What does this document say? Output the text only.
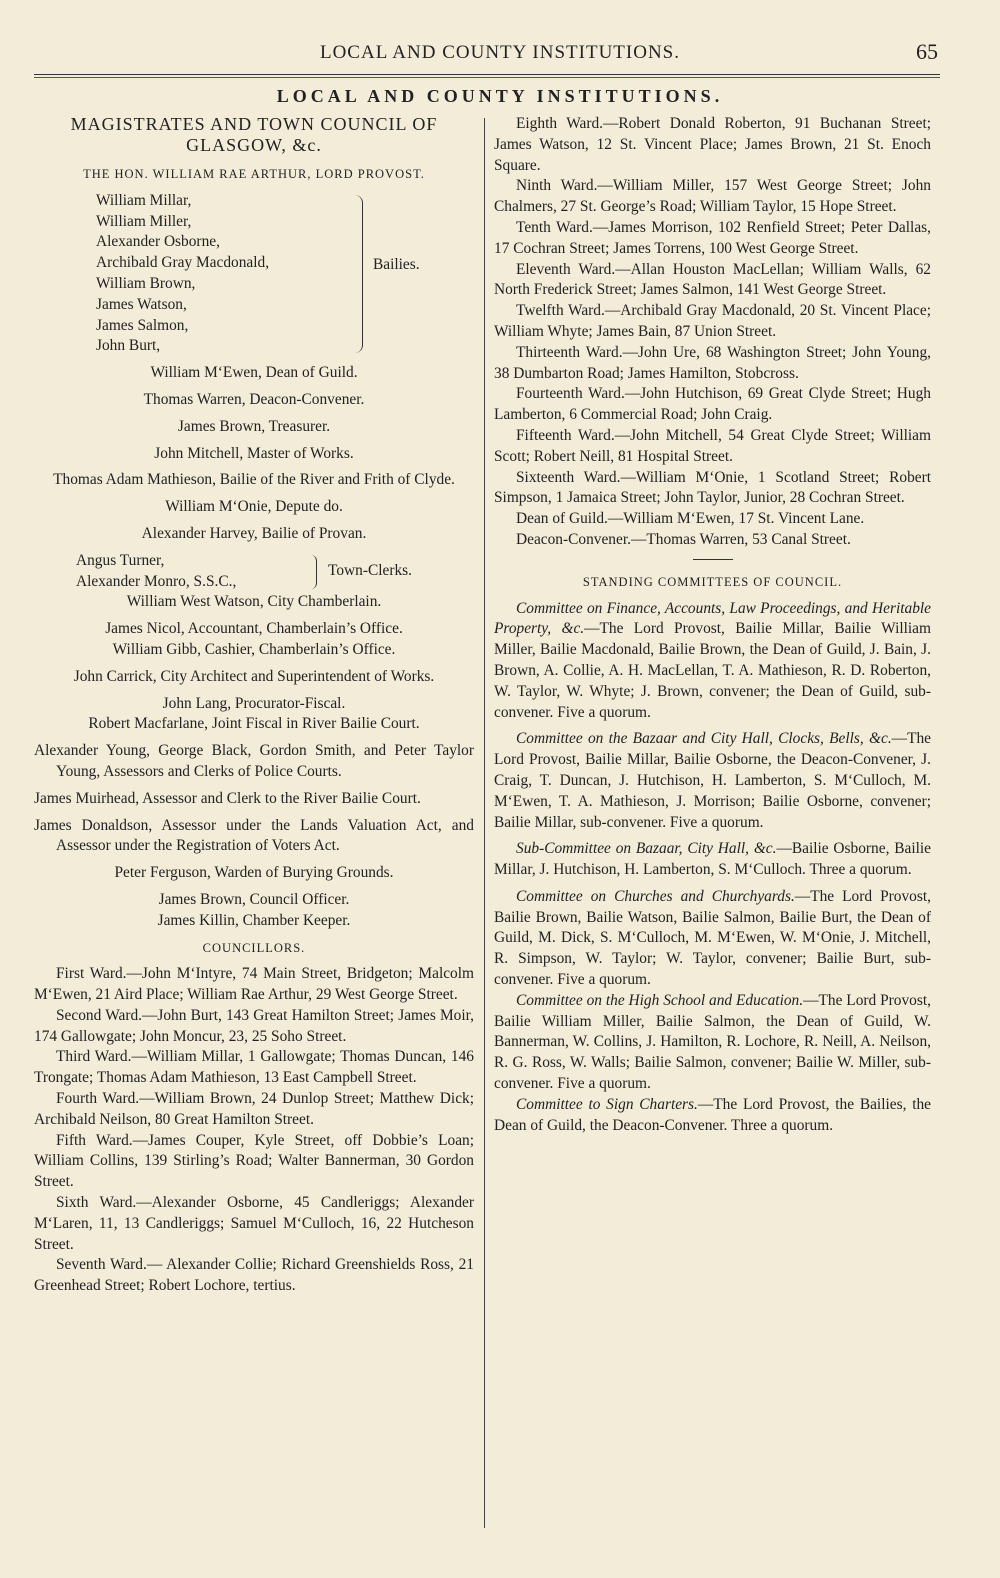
LOCAL AND COUNTY INSTITUTIONS.	65
LOCAL AND COUNTY INSTITUTIONS.

MAGISTRATES AND TOWN COUNCIL OF GLASGOW, &c.

THE HON. WILLIAM RAE ARTHUR, LORD PROVOST.

William Millar,
William Miller,
Alexander Osborne,
Archibald Gray Macdonald,
William Brown,
James Watson,
James Salmon,
John Burt,
Bailies.

William M‘Ewen, Dean of Guild.

Thomas Warren, Deacon-Convener.

James Brown, Treasurer.

John Mitchell, Master of Works.

Thomas Adam Mathieson, Bailie of the River and Frith of Clyde.

William M‘Onie, Depute do.

Alexander Harvey, Bailie of Provan.

Angus Turner,
Alexander Monro, S.S.C.,
Town-Clerks.

William West Watson, City Chamberlain.

James Nicol, Accountant, Chamberlain’s Office.

William Gibb, Cashier, Chamberlain’s Office.

John Carrick, City Architect and Superintendent of Works.

John Lang, Procurator-Fiscal.

Robert Macfarlane, Joint Fiscal in River Bailie Court.

Alexander Young, George Black, Gordon Smith, and Peter Taylor Young, Assessors and Clerks of Police Courts.

James Muirhead, Assessor and Clerk to the River Bailie Court.

James Donaldson, Assessor under the Lands Valuation Act, and Assessor under the Registration of Voters Act.

Peter Ferguson, Warden of Burying Grounds.

James Brown, Council Officer.

James Killin, Chamber Keeper.

COUNCILLORS.

First Ward.—John M‘Intyre, 74 Main Street, Bridgeton; Malcolm M‘Ewen, 21 Aird Place; William Rae Arthur, 29 West George Street.

Second Ward.—John Burt, 143 Great Hamilton Street; James Moir, 174 Gallowgate; John Moncur, 23, 25 Soho Street.

Third Ward.—William Millar, 1 Gallowgate; Thomas Duncan, 146 Trongate; Thomas Adam Mathieson, 13 East Campbell Street.

Fourth Ward.—William Brown, 24 Dunlop Street; Matthew Dick; Archibald Neilson, 80 Great Hamilton Street.

Fifth Ward.—James Couper, Kyle Street, off Dobbie’s Loan; William Collins, 139 Stirling’s Road; Walter Bannerman, 30 Gordon Street.

Sixth Ward.—Alexander Osborne, 45 Candleriggs; Alexander M‘Laren, 11, 13 Candleriggs; Samuel M‘Culloch, 16, 22 Hutcheson Street.

Seventh Ward.— Alexander Collie; Richard Greenshields Ross, 21 Greenhead Street; Robert Lochore, tertius.

Eighth Ward.—Robert Donald Roberton, 91 Buchanan Street; James Watson, 12 St. Vincent Place; James Brown, 21 St. Enoch Square.

Ninth Ward.—William Miller, 157 West George Street; John Chalmers, 27 St. George’s Road; William Taylor, 15 Hope Street.

Tenth Ward.—James Morrison, 102 Renfield Street; Peter Dallas, 17 Cochran Street; James Torrens, 100 West George Street.

Eleventh Ward.—Allan Houston MacLellan; William Walls, 62 North Frederick Street; James Salmon, 141 West George Street.

Twelfth Ward.—Archibald Gray Macdonald, 20 St. Vincent Place; William Whyte; James Bain, 87 Union Street.

Thirteenth Ward.—John Ure, 68 Washington Street; John Young, 38 Dumbarton Road; James Hamilton, Stobcross.

Fourteenth Ward.—John Hutchison, 69 Great Clyde Street; Hugh Lamberton, 6 Commercial Road; John Craig.

Fifteenth Ward.—John Mitchell, 54 Great Clyde Street; William Scott; Robert Neill, 81 Hospital Street.

Sixteenth Ward.—William M‘Onie, 1 Scotland Street; Robert Simpson, 1 Jamaica Street; John Taylor, Junior, 28 Cochran Street.

Dean of Guild.—William M‘Ewen, 17 St. Vincent Lane.

Deacon-Convener.—Thomas Warren, 53 Canal Street.

STANDING COMMITTEES OF COUNCIL.

Committee on Finance, Accounts, Law Proceedings, and Heritable Property, &c.—The Lord Provost, Bailie Millar, Bailie William Miller, Bailie Macdonald, Bailie Brown, the Dean of Guild, J. Bain, J. Brown, A. Collie, A. H. MacLellan, T. A. Mathieson, R. D. Roberton, W. Taylor, W. Whyte; J. Brown, convener; the Dean of Guild, sub-convener. Five a quorum.

Committee on the Bazaar and City Hall, Clocks, Bells, &c.—The Lord Provost, Bailie Millar, Bailie Osborne, the Deacon-Convener, J. Craig, T. Duncan, J. Hutchison, H. Lamberton, S. M‘Culloch, M. M‘Ewen, T. A. Mathieson, J. Morrison; Bailie Osborne, convener; Bailie Millar, sub-convener. Five a quorum.

Sub-Committee on Bazaar, City Hall, &c.—Bailie Osborne, Bailie Millar, J. Hutchison, H. Lamberton, S. M‘Culloch. Three a quorum.

Committee on Churches and Churchyards.—The Lord Provost, Bailie Brown, Bailie Watson, Bailie Salmon, Bailie Burt, the Dean of Guild, M. Dick, S. M‘Culloch, M. M‘Ewen, W. M‘Onie, J. Mitchell, R. Simpson, W. Taylor; W. Taylor, convener; Bailie Burt, sub-convener. Five a quorum.

Committee on the High School and Education.—The Lord Provost, Bailie William Miller, Bailie Salmon, the Dean of Guild, W. Bannerman, W. Collins, J. Hamilton, R. Lochore, R. Neill, A. Neilson, R. G. Ross, W. Walls; Bailie Salmon, convener; Bailie W. Miller, sub-convener. Five a quorum.

Committee to Sign Charters.—The Lord Provost, the Bailies, the Dean of Guild, the Deacon-Convener. Three a quorum.
